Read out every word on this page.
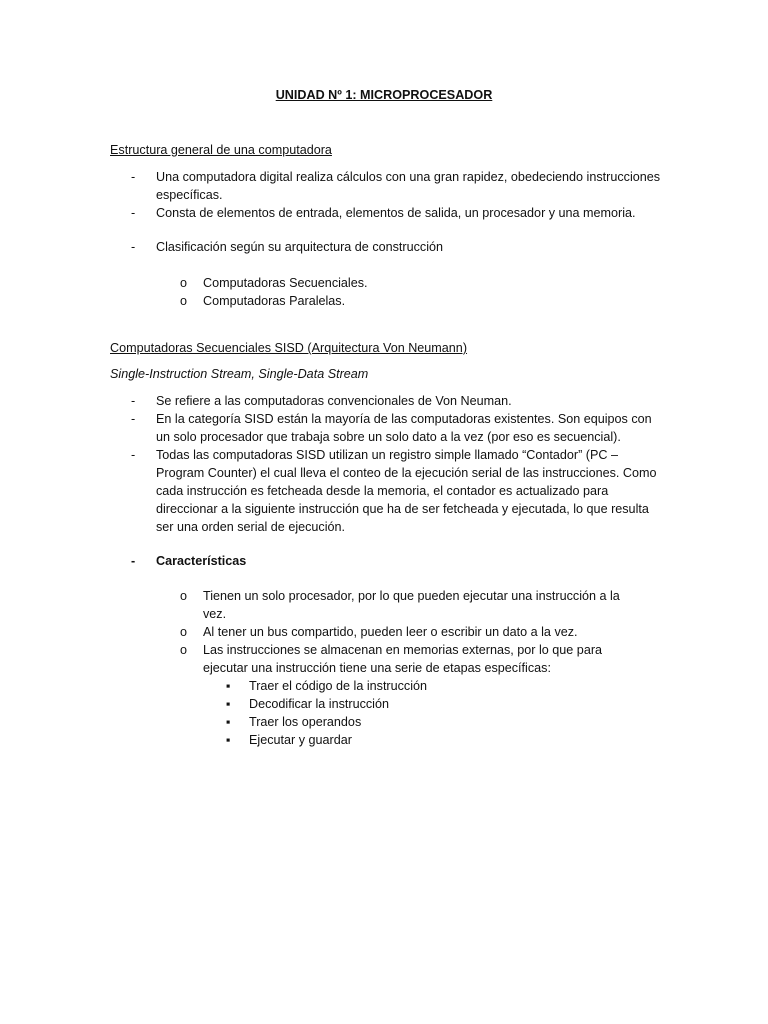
UNIDAD Nº 1: MICROPROCESADOR
Estructura general de una computadora
- Una computadora digital realiza cálculos con una gran rapidez, obedeciendo instrucciones específicas.
- Consta de elementos de entrada, elementos de salida, un procesador y una memoria.
- Clasificación según su arquitectura de construcción
o Computadoras Secuenciales.
o Computadoras Paralelas.
Computadoras Secuenciales SISD (Arquitectura Von Neumann)
Single-Instruction Stream, Single-Data Stream
- Se refiere a las computadoras convencionales de Von Neuman.
- En la categoría SISD están la mayoría de las computadoras existentes. Son equipos con un solo procesador que trabaja sobre un solo dato a la vez (por eso es secuencial).
- Todas las computadoras SISD utilizan un registro simple llamado “Contador” (PC – Program Counter) el cual lleva el conteo de la ejecución serial de las instrucciones. Como cada instrucción es fetcheada desde la memoria, el contador es actualizado para direccionar a la siguiente instrucción que ha de ser fetcheada y ejecutada, lo que resulta ser una orden serial de ejecución.
- Características
o Tienen un solo procesador, por lo que pueden ejecutar una instrucción a la vez.
o Al tener un bus compartido, pueden leer o escribir un dato a la vez.
o Las instrucciones se almacenan en memorias externas, por lo que para ejecutar una instrucción tiene una serie de etapas específicas:
▪ Traer el código de la instrucción
▪ Decodificar la instrucción
▪ Traer los operandos
▪ Ejecutar y guardar
